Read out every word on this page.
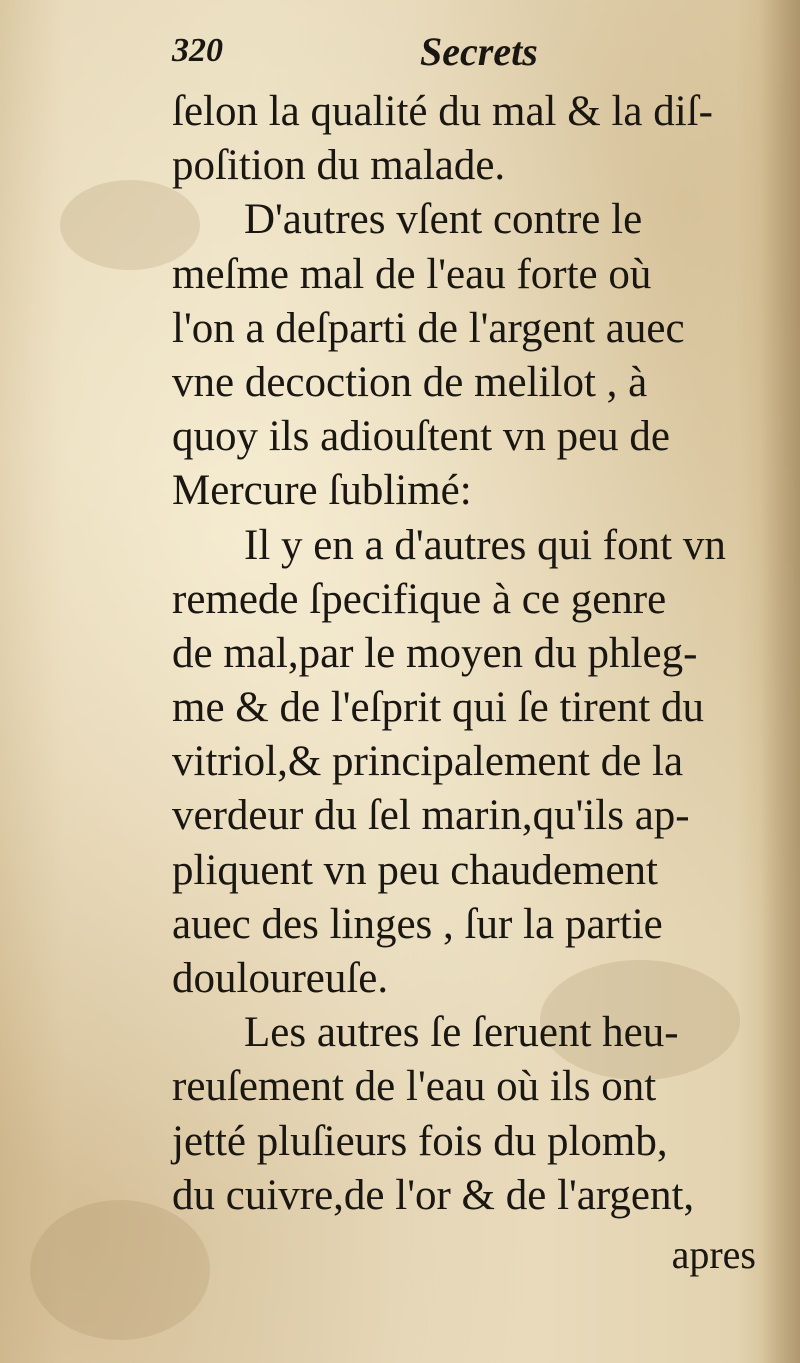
320	Secrets
ſelon la qualité du mal & la diſ-
poſition du malade.
D'autres vſent contre le
meſme mal de l'eau forte où
l'on a deſparti de l'argent auec
vne decoction de melilot , à
quoy ils adiouſtent vn peu de
Mercure ſublimé:
Il y en a d'autres qui font vn
remede ſpecifique à ce genre
de mal,par le moyen du phleg-
me & de l'eſprit qui ſe tirent du
vitriol,& principalement de la
verdeur du ſel marin,qu'ils ap-
pliquent vn peu chaudement
auec des linges , ſur la partie
douloureuſe.
Les autres ſe ſeruent heu-
reuſement de l'eau où ils ont
jetté pluſieurs fois du plomb,
du cuivre,de l'or & de l'argent,
apres
